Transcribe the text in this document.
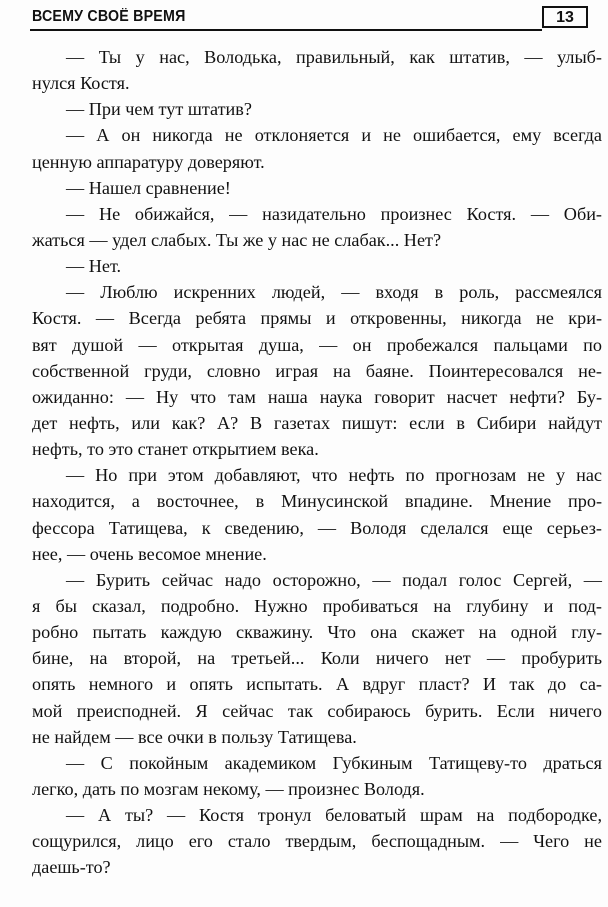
ВСЕМУ СВОЁ ВРЕМЯ	13
— Ты у нас, Володька, правильный, как штатив, — улыб-
нулся Костя.
— При чем тут штатив?
— А он никогда не отклоняется и не ошибается, ему всегда
ценную аппаратуру доверяют.
— Нашел сравнение!
— Не обижайся, — назидательно произнес Костя. — Оби-
жаться — удел слабых. Ты же у нас не слабак... Нет?
— Нет.
— Люблю искренних людей, — входя в роль, рассмеялся
Костя. — Всегда ребята прямы и откровенны, никогда не кри-
вят душой — открытая душа, — он пробежался пальцами по
собственной груди, словно играя на баяне. Поинтересовался не-
ожиданно: — Ну что там наша наука говорит насчет нефти? Бу-
дет нефть, или как? А? В газетах пишут: если в Сибири найдут
нефть, то это станет открытием века.
— Но при этом добавляют, что нефть по прогнозам не у нас
находится, а восточнее, в Минусинской впадине. Мнение про-
фессора Татищева, к сведению, — Володя сделался еще серьез-
нее, — очень весомое мнение.
— Бурить сейчас надо осторожно, — подал голос Сергей, —
я бы сказал, подробно. Нужно пробиваться на глубину и под-
робно пытать каждую скважину. Что она скажет на одной глу-
бине, на второй, на третьей... Коли ничего нет — пробурить
опять немного и опять испытать. А вдруг пласт? И так до са-
мой преисподней. Я сейчас так собираюсь бурить. Если ничего
не найдем — все очки в пользу Татищева.
— С покойным академиком Губкиным Татищеву-то драться
легко, дать по мозгам некому, — произнес Володя.
— А ты? — Костя тронул беловатый шрам на подбородке,
сощурился, лицо его стало твердым, беспощадным. — Чего не
даешь-то?
